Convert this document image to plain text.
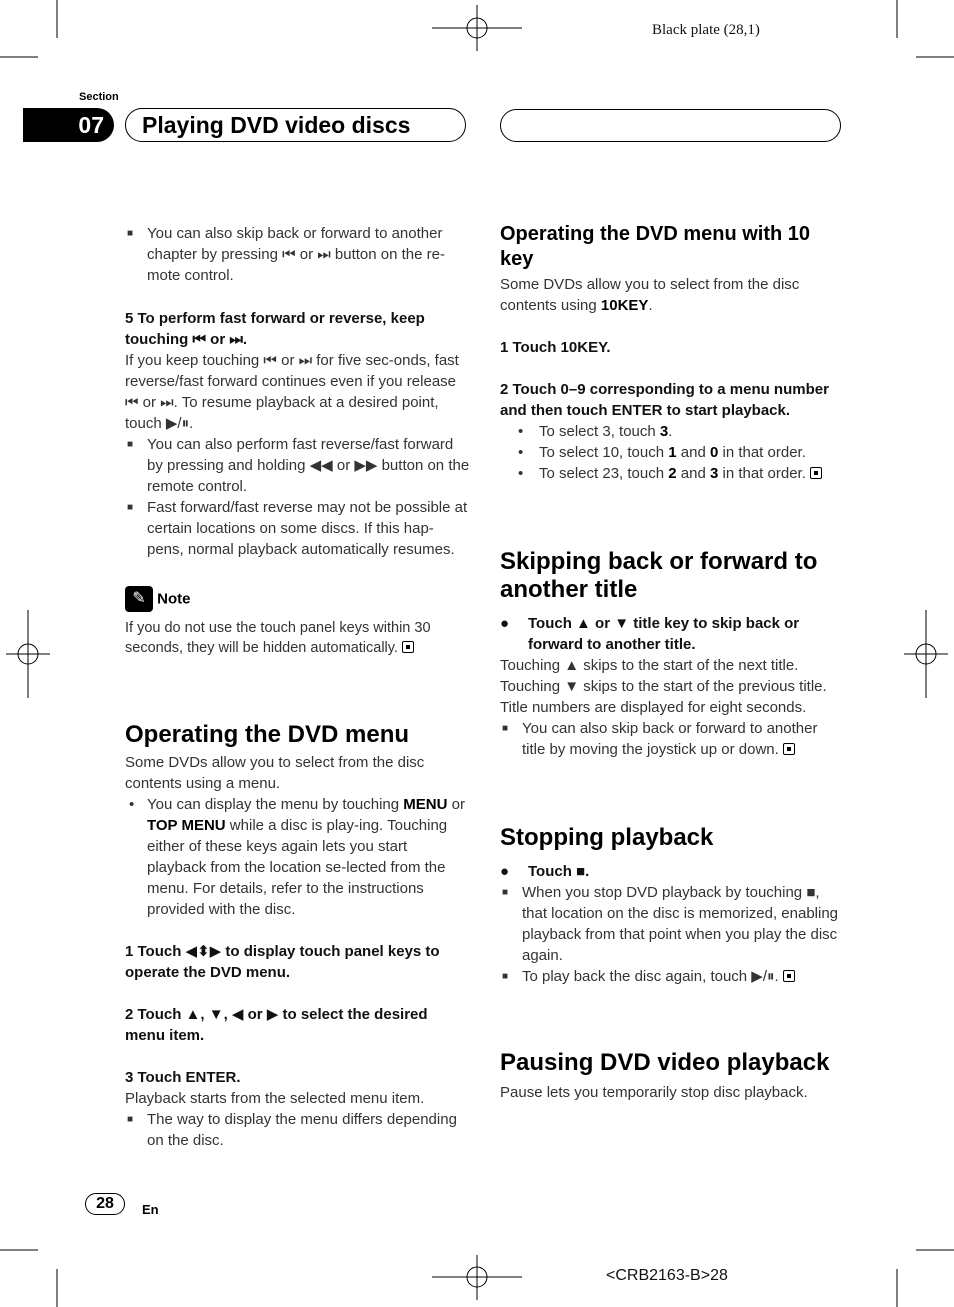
Black plate (28,1)
Section
07	Playing DVD video discs

■ You can also skip back or forward to another chapter by pressing ⏮ or ⏭ button on the re-mote control.

5 To perform fast forward or reverse, keep touching ⏮ or ⏭.

If you keep touching ⏮ or ⏭ for five sec-onds, fast reverse/fast forward continues even if you release ⏮ or ⏭. To resume playback at a desired point, touch ▶/⏸.

■ You can also perform fast reverse/fast forward by pressing and holding ◀◀ or ▶▶ button on the remote control.

■ Fast forward/fast reverse may not be possible at certain locations on some discs. If this hap-pens, normal playback automatically resumes.

✎ Note

If you do not use the touch panel keys within 30 seconds, they will be hidden automatically.

Operating the DVD menu

Some DVDs allow you to select from the disc contents using a menu.

• You can display the menu by touching MENU or TOP MENU while a disc is play-ing. Touching either of these keys again lets you start playback from the location se-lected from the menu. For details, refer to the instructions provided with the disc.

1 Touch ◀⬍▶ to display touch panel keys to operate the DVD menu.

2 Touch ▲, ▼, ◀ or ▶ to select the desired menu item.

3 Touch ENTER.

Playback starts from the selected menu item.

■ The way to display the menu differs depending on the disc.

Operating the DVD menu with 10 key

Some DVDs allow you to select from the disc contents using 10KEY.

1 Touch 10KEY.

2 Touch 0–9 corresponding to a menu number and then touch ENTER to start playback.

• To select 3, touch 3.

• To select 10, touch 1 and 0 in that order.

• To select 23, touch 2 and 3 in that order.

Skipping back or forward to another title

● Touch ▲ or ▼ title key to skip back or forward to another title.

Touching ▲ skips to the start of the next title. Touching ▼ skips to the start of the previous title.

Title numbers are displayed for eight seconds.

■ You can also skip back or forward to another title by moving the joystick up or down.

Stopping playback

● Touch ■.

■ When you stop DVD playback by touching ■, that location on the disc is memorized, enabling playback from that point when you play the disc again.

■ To play back the disc again, touch ▶/⏸.

Pausing DVD video playback

Pause lets you temporarily stop disc playback.

28	En
<CRB2163-B>28
